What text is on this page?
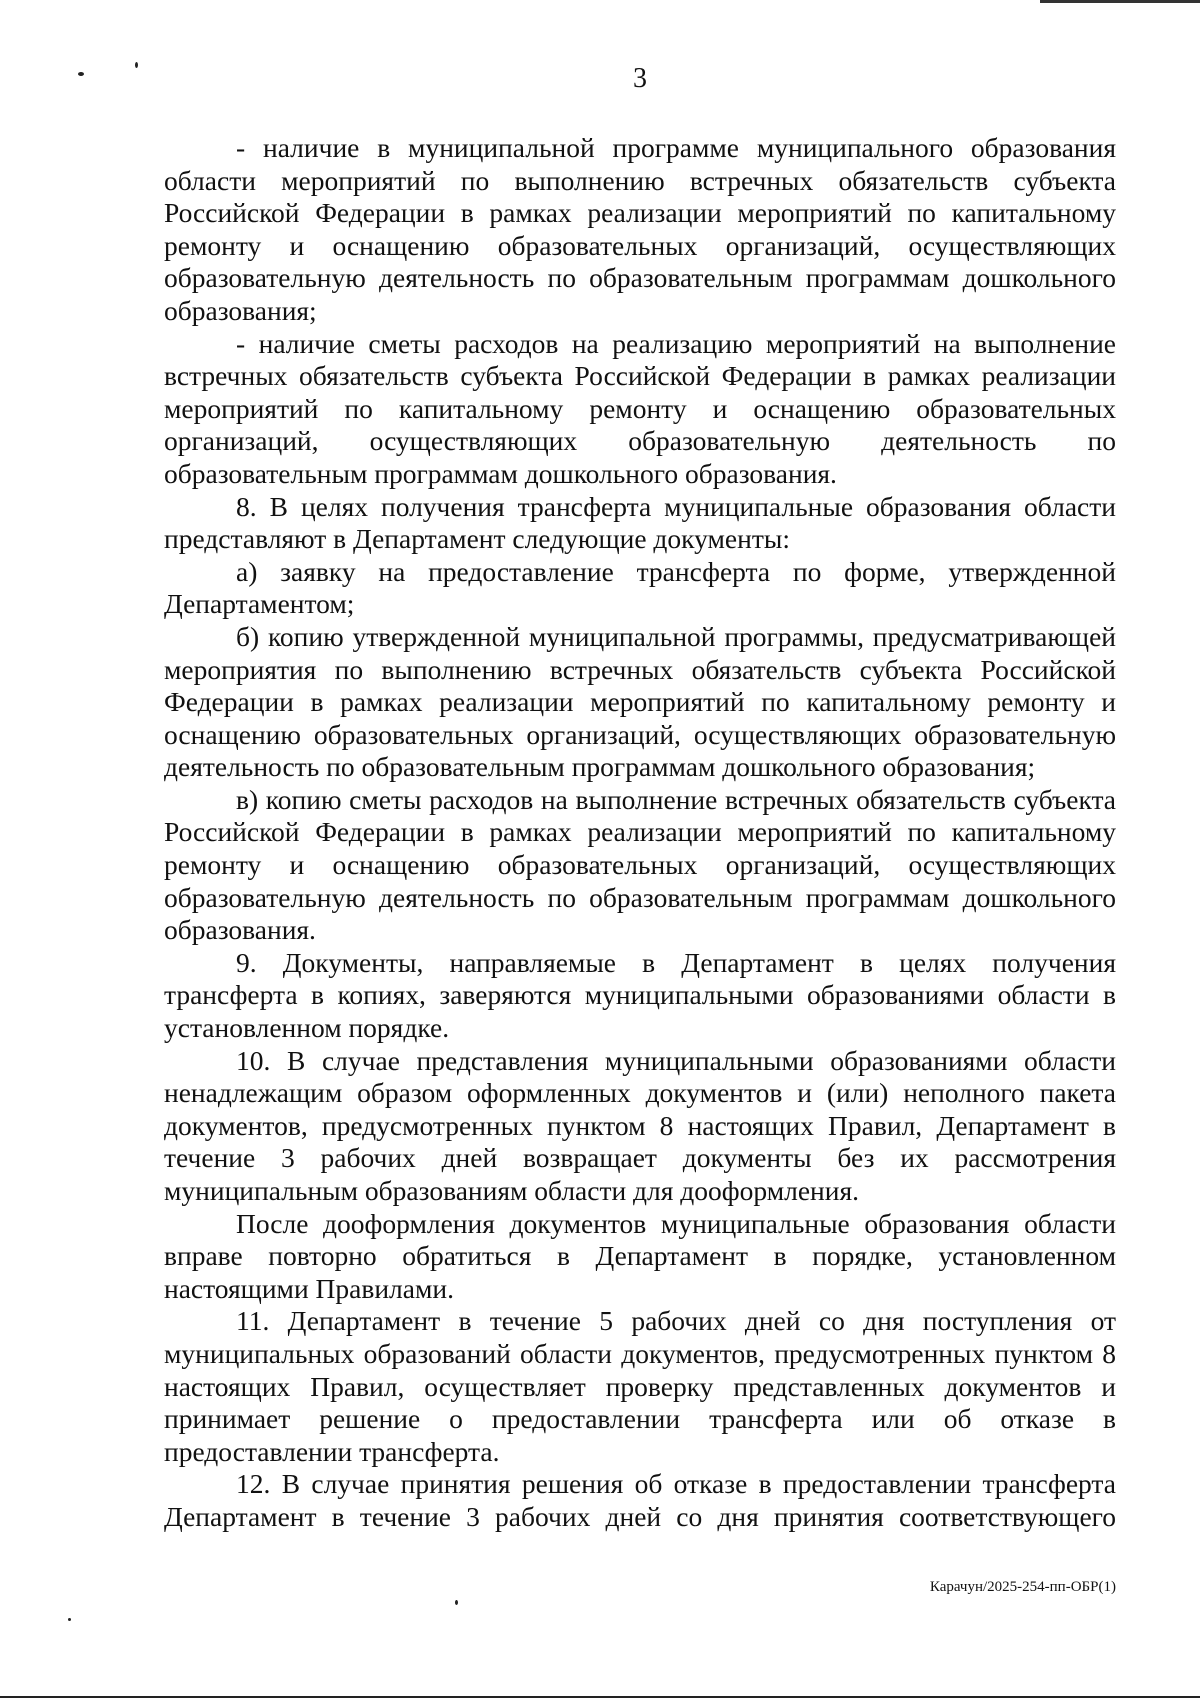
3

- наличие в муниципальной программе муниципального образования области мероприятий по выполнению встречных обязательств субъекта Российской Федерации в рамках реализации мероприятий по капитальному ремонту и оснащению образовательных организаций, осуществляющих образовательную деятельность по образовательным программам дошкольного образования;

- наличие сметы расходов на реализацию мероприятий на выполнение встречных обязательств субъекта Российской Федерации в рамках реализации мероприятий по капитальному ремонту и оснащению образовательных организаций, осуществляющих образовательную деятельность по образовательным программам дошкольного образования.

8. В целях получения трансферта муниципальные образования области представляют в Департамент следующие документы:

а) заявку на предоставление трансферта по форме, утвержденной Департаментом;

б) копию утвержденной муниципальной программы, предусматривающей мероприятия по выполнению встречных обязательств субъекта Российской Федерации в рамках реализации мероприятий по капитальному ремонту и оснащению образовательных организаций, осуществляющих образовательную деятельность по образовательным программам дошкольного образования;

в) копию сметы расходов на выполнение встречных обязательств субъекта Российской Федерации в рамках реализации мероприятий по капитальному ремонту и оснащению образовательных организаций, осуществляющих образовательную деятельность по образовательным программам дошкольного образования.

9. Документы, направляемые в Департамент в целях получения трансферта в копиях, заверяются муниципальными образованиями области в установленном порядке.

10. В случае представления муниципальными образованиями области ненадлежащим образом оформленных документов и (или) неполного пакета документов, предусмотренных пунктом 8 настоящих Правил, Департамент в течение 3 рабочих дней возвращает документы без их рассмотрения муниципальным образованиям области для дооформления.

После дооформления документов муниципальные образования области вправе повторно обратиться в Департамент в порядке, установленном настоящими Правилами.

11. Департамент в течение 5 рабочих дней со дня поступления от муниципальных образований области документов, предусмотренных пунктом 8 настоящих Правил, осуществляет проверку представленных документов и принимает решение о предоставлении трансферта или об отказе в предоставлении трансферта.

12. В случае принятия решения об отказе в предоставлении трансферта Департамент в течение 3 рабочих дней со дня принятия соответствующего

Карачун/2025-254-пп-ОБР(1)
